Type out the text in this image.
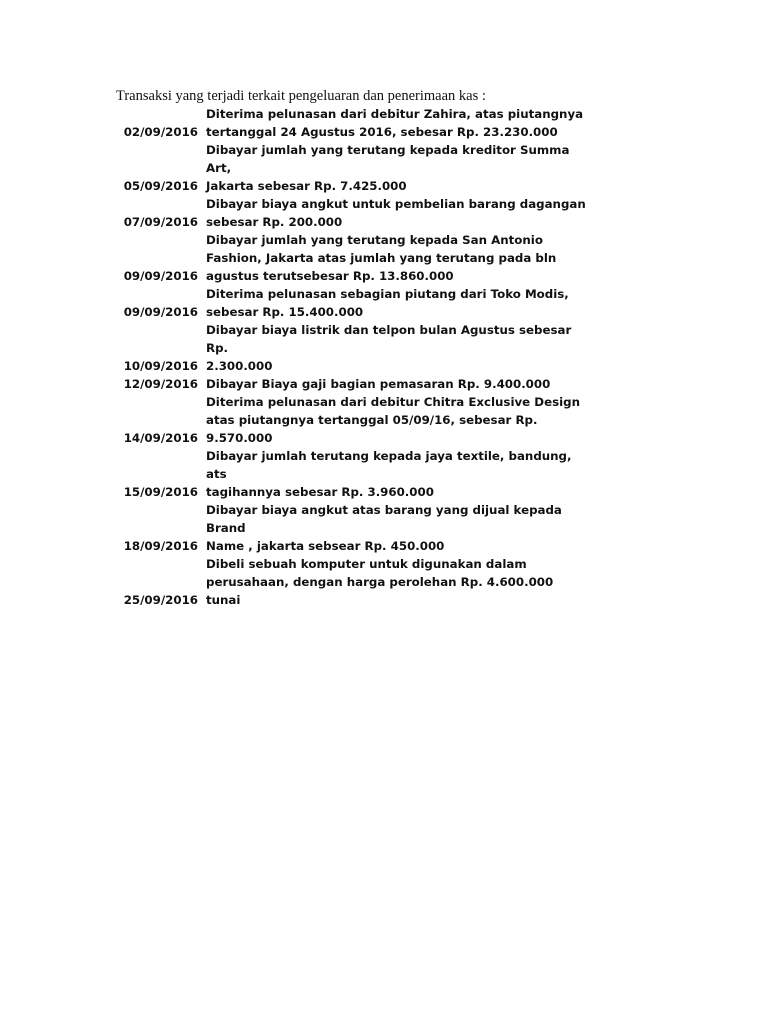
Transaksi yang terjadi terkait pengeluaran dan penerimaan kas :
02/09/2016	Diterima pelunasan dari debitur Zahira, atas piutangnya
tertanggal 24 Agustus 2016, sebesar Rp. 23.230.000
05/09/2016	Dibayar jumlah yang terutang kepada kreditor Summa Art,
Jakarta sebesar Rp. 7.425.000
07/09/2016	Dibayar biaya angkut untuk pembelian barang dagangan
sebesar Rp. 200.000
09/09/2016	Dibayar jumlah yang terutang kepada San Antonio
Fashion, Jakarta atas jumlah yang terutang pada bln
agustus terutsebesar Rp. 13.860.000
09/09/2016	Diterima pelunasan sebagian piutang dari Toko Modis,
sebesar Rp. 15.400.000
10/09/2016	Dibayar biaya listrik dan telpon bulan Agustus sebesar Rp.
2.300.000
12/09/2016	Dibayar Biaya gaji bagian pemasaran Rp. 9.400.000
14/09/2016	Diterima pelunasan dari debitur Chitra Exclusive Design
atas piutangnya tertanggal 05/09/16, sebesar Rp.
9.570.000
15/09/2016	Dibayar jumlah terutang kepada jaya textile, bandung, ats
tagihannya sebesar Rp. 3.960.000
18/09/2016	Dibayar biaya angkut atas barang yang dijual kepada Brand
Name , jakarta sebsear Rp. 450.000
25/09/2016	Dibeli sebuah komputer untuk digunakan dalam
perusahaan, dengan harga perolehan Rp. 4.600.000 tunai
